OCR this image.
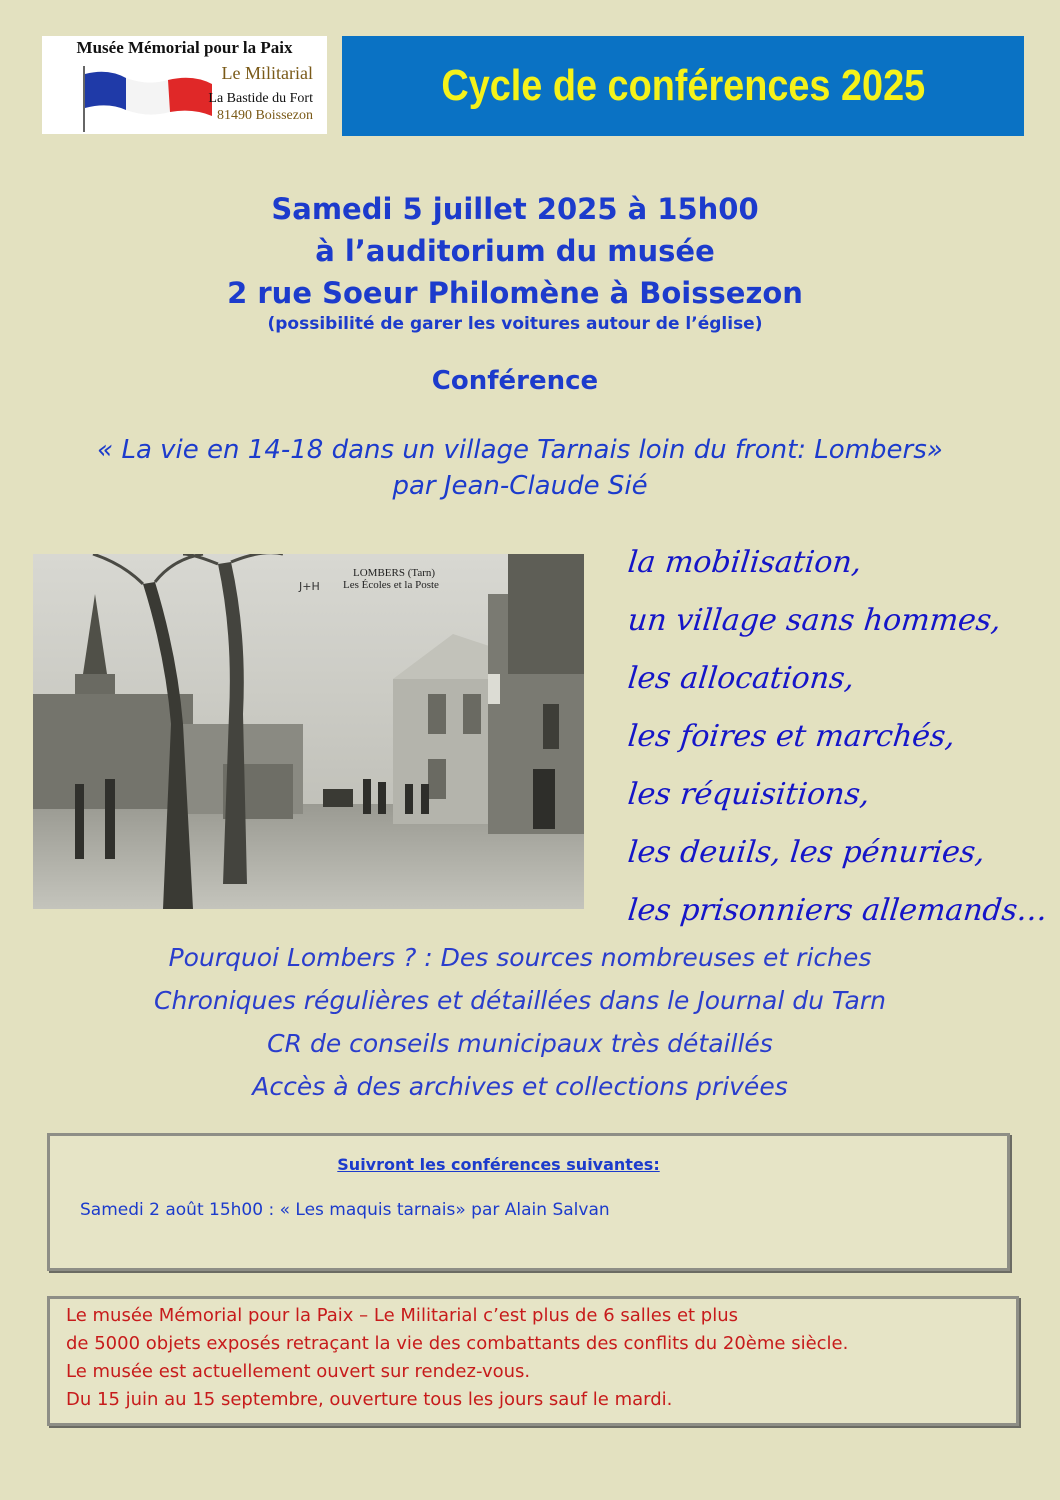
Musée Mémorial pour la Paix
Le Militarial
La Bastide du Fort
81490 Boissezon
Cycle de conférences 2025
Samedi 5 juillet 2025 à 15h00
à l’auditorium du musée
2 rue Soeur Philomène à Boissezon
(possibilité de garer les voitures autour de l’église)
Conférence
« La vie en 14-18 dans un village Tarnais loin du front: Lombers»
par Jean-Claude Sié
LOMBERS (Tarn)
Les Écoles et la Poste
J+H
la mobilisation,
un village sans hommes,
les allocations,
les foires et marchés,
les réquisitions,
les deuils, les pénuries,
les prisonniers allemands…
Pourquoi Lombers ? : Des sources nombreuses et riches
Chroniques régulières et détaillées dans le Journal du Tarn
CR de conseils municipaux très détaillés
Accès à des archives et collections privées
Suivront les conférences suivantes:
Samedi 2 août 15h00 : « Les maquis tarnais» par Alain Salvan
Le musée Mémorial pour la Paix – Le Militarial c’est plus de 6 salles et plus
de 5000 objets exposés retraçant la vie des combattants des conflits du 20ème siècle.
Le musée est actuellement ouvert sur rendez-vous.
Du 15 juin au 15 septembre, ouverture tous les jours sauf le mardi.
